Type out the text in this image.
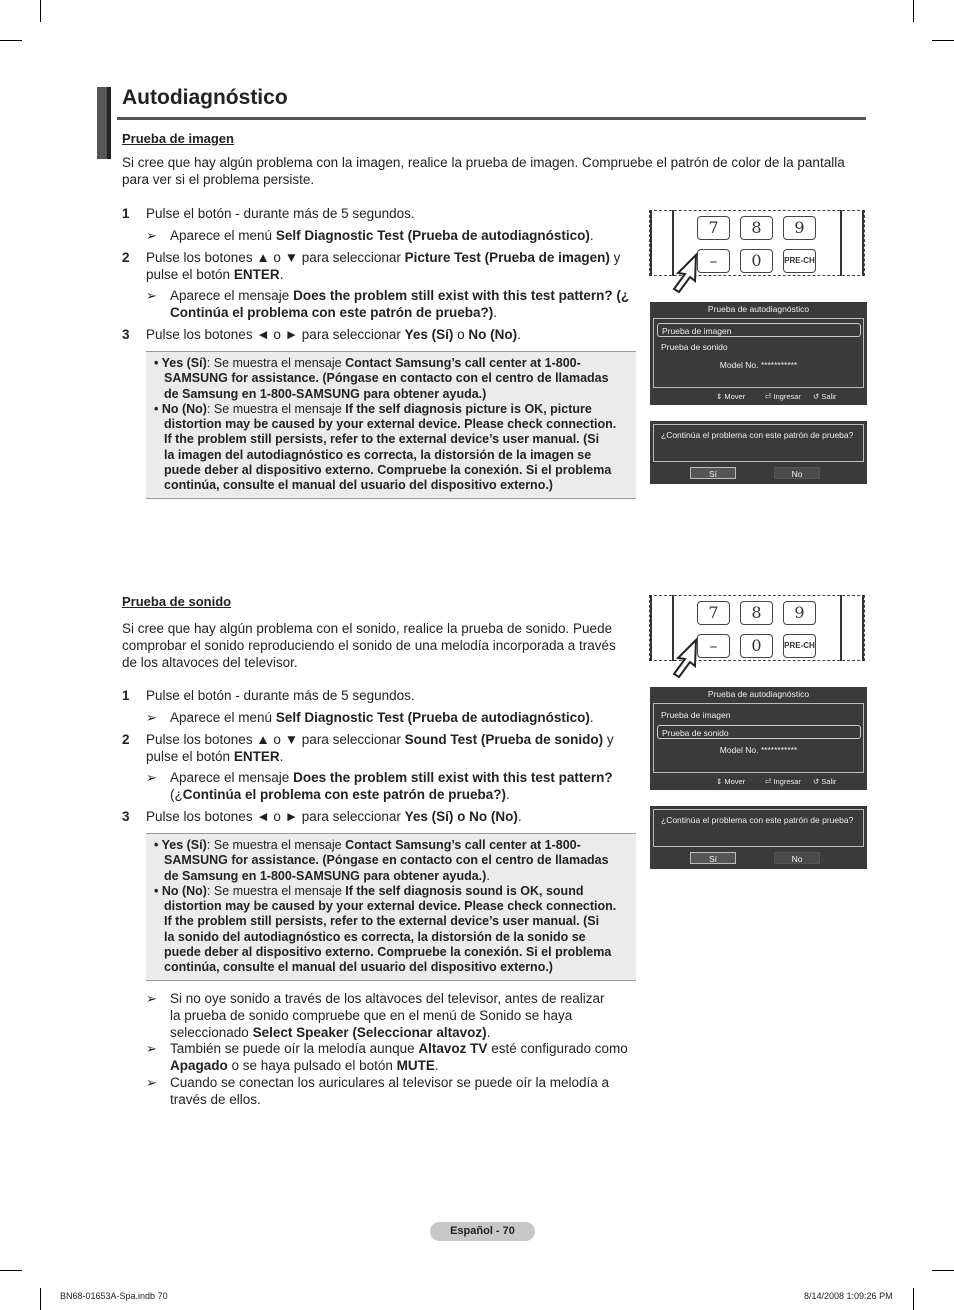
Autodiagnóstico
Prueba de imagen
Si cree que hay algún problema con la imagen, realice la prueba de imagen. Compruebe el patrón de color de la pantalla para ver si el problema persiste.
1 Pulse el botón - durante más de 5 segundos.
➢ Aparece el menú Self Diagnostic Test (Prueba de autodiagnóstico).
2 Pulse los botones ▲ o ▼ para seleccionar Picture Test (Prueba de imagen) y
pulse el botón ENTER.
➢ Aparece el mensaje Does the problem still exist with this test pattern? (¿
Continúa el problema con este patrón de prueba?).
3 Pulse los botones ◄ o ► para seleccionar Yes (Sí) o No (No).

• Yes (Sí): Se muestra el mensaje Contact Samsung’s call center at 1-800-

SAMSUNG for assistance. (Póngase en contacto con el centro de llamadas

de Samsung en 1-800-SAMSUNG para obtener ayuda.)

• No (No): Se muestra el mensaje If the self diagnosis picture is OK, picture

distortion may be caused by your external device. Please check connection.

If the problem still persists, refer to the external device’s user manual. (Si

la imagen del autodiagnóstico es correcta, la distorsión de la imagen se

puede deber al dispositivo externo. Compruebe la conexión. Si el problema

continúa, consulte el manual del usuario del dispositivo externo.)

7	8	9
–	0	PRE-CH
Prueba de autodiagnóstico
Prueba de imagen
Prueba de sonido
Model No. ***********
⇕ Mover	⏎ Ingresar ↺ Salir
¿Continúa el problema con este patrón de prueba?
Sí	No
Prueba de sonido
Si cree que hay algún problema con el sonido, realice la prueba de sonido. Puede
comprobar el sonido reproduciendo el sonido de una melodía incorporada a través
de los altavoces del televisor.
1 Pulse el botón - durante más de 5 segundos.
➢ Aparece el menú Self Diagnostic Test (Prueba de autodiagnóstico).
2 Pulse los botones ▲ o ▼ para seleccionar Sound Test (Prueba de sonido) y
pulse el botón ENTER.
➢ Aparece el mensaje Does the problem still exist with this test pattern?
(¿Continúa el problema con este patrón de prueba?).
3 Pulse los botones ◄ o ► para seleccionar Yes (Sí) o No (No).

• Yes (Sí): Se muestra el mensaje Contact Samsung’s call center at 1-800-

SAMSUNG for assistance. (Póngase en contacto con el centro de llamadas

de Samsung en 1-800-SAMSUNG para obtener ayuda.).

• No (No): Se muestra el mensaje If the self diagnosis sound is OK, sound

distortion may be caused by your external device. Please check connection.

If the problem still persists, refer to the external device’s user manual. (Si

la sonido del autodiagnóstico es correcta, la distorsión de la sonido se

puede deber al dispositivo externo. Compruebe la conexión. Si el problema

continúa, consulte el manual del usuario del dispositivo externo.)

➢ Si no oye sonido a través de los altavoces del televisor, antes de realizar
la prueba de sonido compruebe que en el menú de Sonido se haya
seleccionado Select Speaker (Seleccionar altavoz).
➢ También se puede oír la melodía aunque Altavoz TV esté configurado como
Apagado o se haya pulsado el botón MUTE.
➢ Cuando se conectan los auriculares al televisor se puede oír la melodía a
través de ellos.
7	8	9
–	0	PRE-CH
Prueba de autodiagnóstico
Prueba de imagen
Prueba de sonido
Model No. ***********
⇕ Mover	⏎ Ingresar ↺ Salir
¿Continúa el problema con este patrón de prueba?
Sí	No
Español - 70
BN68-01653A-Spa.indb 70	8/14/2008 1:09:26 PM
